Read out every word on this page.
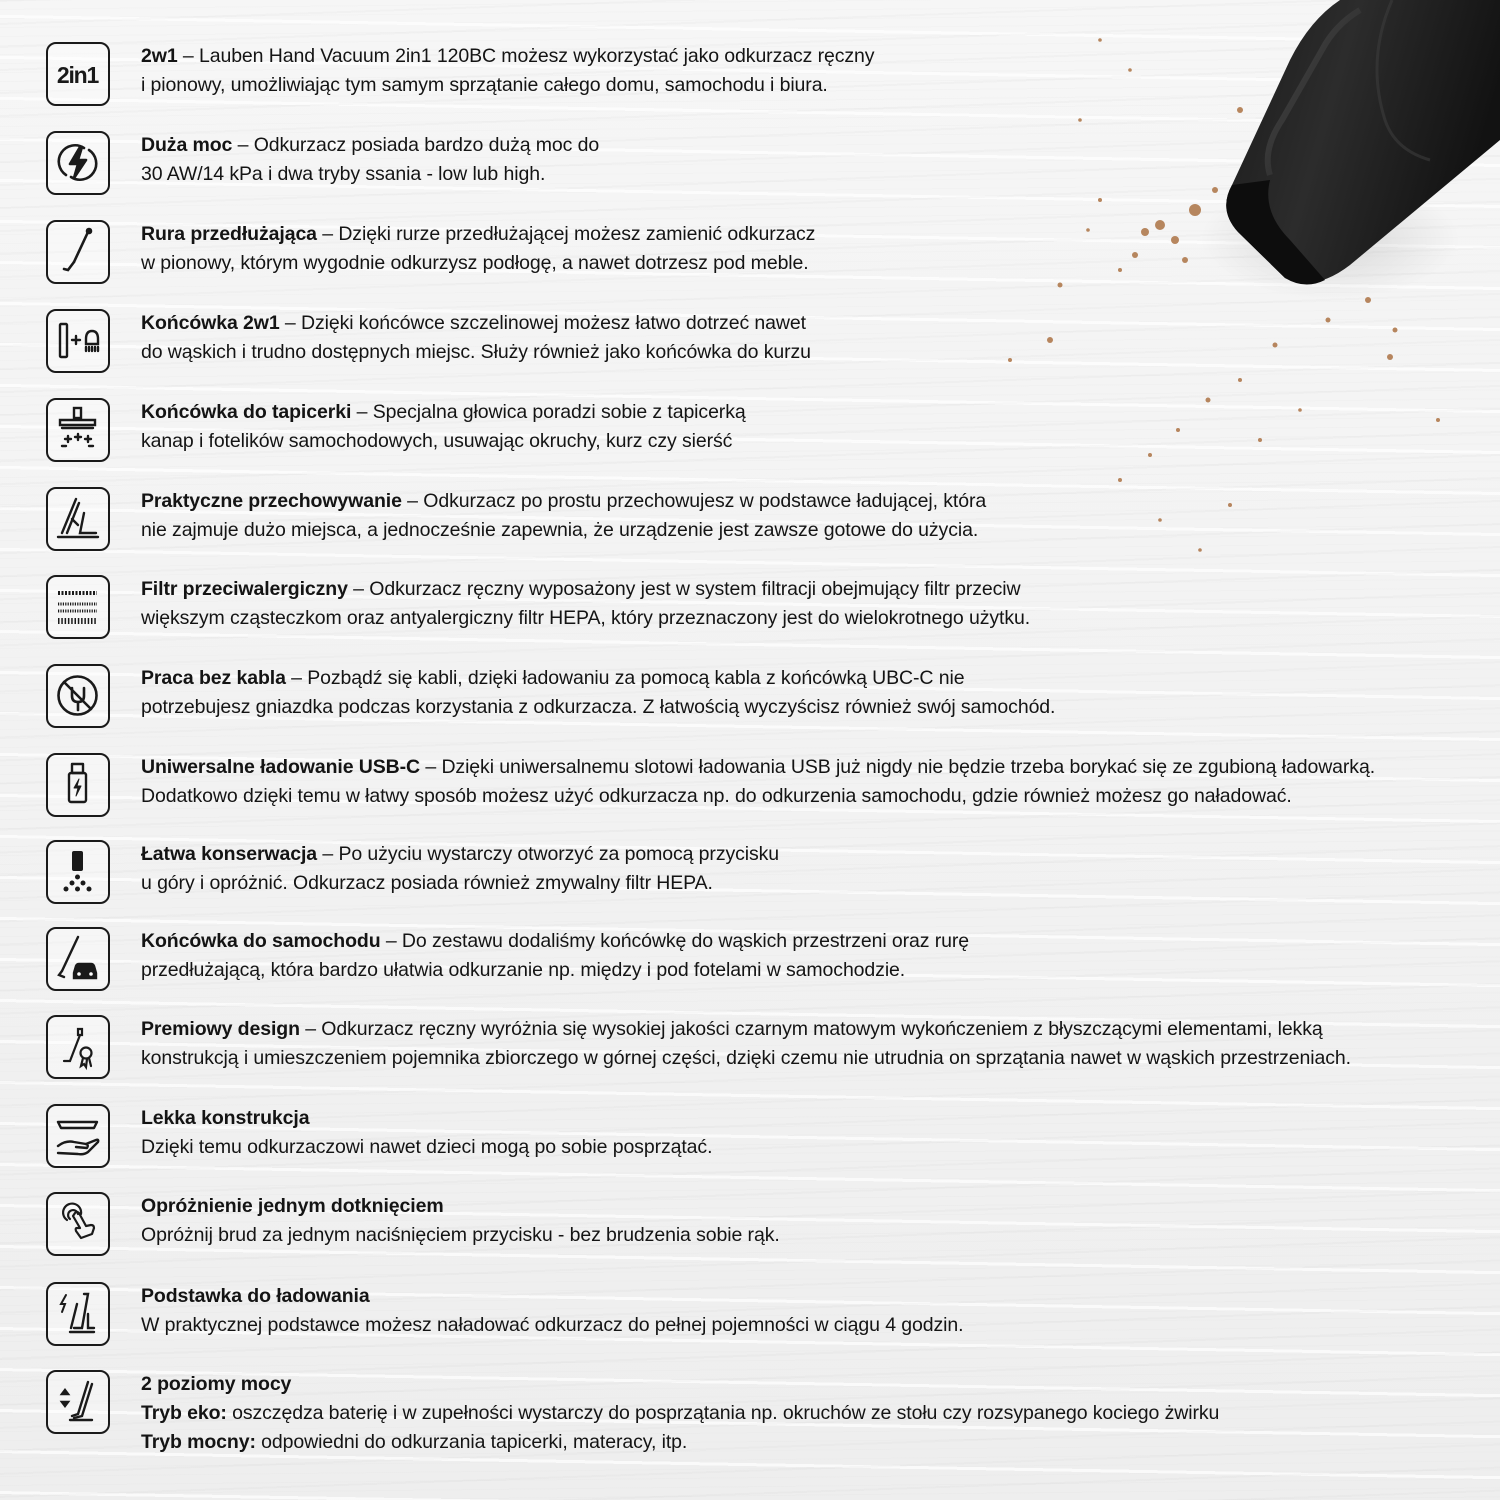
2in1
2w1 – Lauben Hand Vacuum 2in1 120BC możesz wykorzystać jako odkurzacz ręczny
i pionowy, umożliwiając tym samym sprzątanie całego domu, samochodu i biura.
Duża moc – Odkurzacz posiada bardzo dużą moc do
30 AW/14 kPa i dwa tryby ssania - low lub high.
Rura przedłużająca – Dzięki rurze przedłużającej możesz zamienić odkurzacz
w pionowy, którym wygodnie odkurzysz podłogę, a nawet dotrzesz pod meble.
Końcówka 2w1 – Dzięki końcówce szczelinowej możesz łatwo dotrzeć nawet
do wąskich i trudno dostępnych miejsc. Służy również jako końcówka do kurzu
Końcówka do tapicerki – Specjalna głowica poradzi sobie z tapicerką
kanap i fotelików samochodowych, usuwając okruchy, kurz czy sierść
Praktyczne przechowywanie – Odkurzacz po prostu przechowujesz w podstawce ładującej, która
nie zajmuje dużo miejsca, a jednocześnie zapewnia, że urządzenie jest zawsze gotowe do użycia.
Filtr przeciwalergiczny – Odkurzacz ręczny wyposażony jest w system filtracji obejmujący filtr przeciw
większym cząsteczkom oraz antyalergiczny filtr HEPA, który przeznaczony jest do wielokrotnego użytku.
Praca bez kabla – Pozbądź się kabli, dzięki ładowaniu za pomocą kabla z końcówką UBC-C nie
potrzebujesz gniazdka podczas korzystania z odkurzacza. Z łatwością wyczyścisz również swój samochód.
Uniwersalne ładowanie USB-C – Dzięki uniwersalnemu slotowi ładowania USB już nigdy nie będzie trzeba borykać się ze zgubioną ładowarką.
Dodatkowo dzięki temu w łatwy sposób możesz użyć odkurzacza np. do odkurzenia samochodu, gdzie również możesz go naładować.
Łatwa konserwacja – Po użyciu wystarczy otworzyć za pomocą przycisku
u góry i opróżnić. Odkurzacz posiada również zmywalny filtr HEPA.
Końcówka do samochodu – Do zestawu dodaliśmy końcówkę do wąskich przestrzeni oraz rurę
przedłużającą, która bardzo ułatwia odkurzanie np. między i pod fotelami w samochodzie.
Premiowy design – Odkurzacz ręczny wyróżnia się wysokiej jakości czarnym matowym wykończeniem z błyszczącymi elementami, lekką
konstrukcją i umieszczeniem pojemnika zbiorczego w górnej części, dzięki czemu nie utrudnia on sprzątania nawet w wąskich przestrzeniach.
Lekka konstrukcja
Dzięki temu odkurzaczowi nawet dzieci mogą po sobie posprzątać.
Opróżnienie jednym dotknięciem
Opróżnij brud za jednym naciśnięciem przycisku - bez brudzenia sobie rąk.
Podstawka do ładowania
W praktycznej podstawce możesz naładować odkurzacz do pełnej pojemności w ciągu 4 godzin.
2 poziomy mocy
Tryb eko: oszczędza baterię i w zupełności wystarczy do posprzątania np. okruchów ze stołu czy rozsypanego kociego żwirku
Tryb mocny: odpowiedni do odkurzania tapicerki, materacy, itp.
